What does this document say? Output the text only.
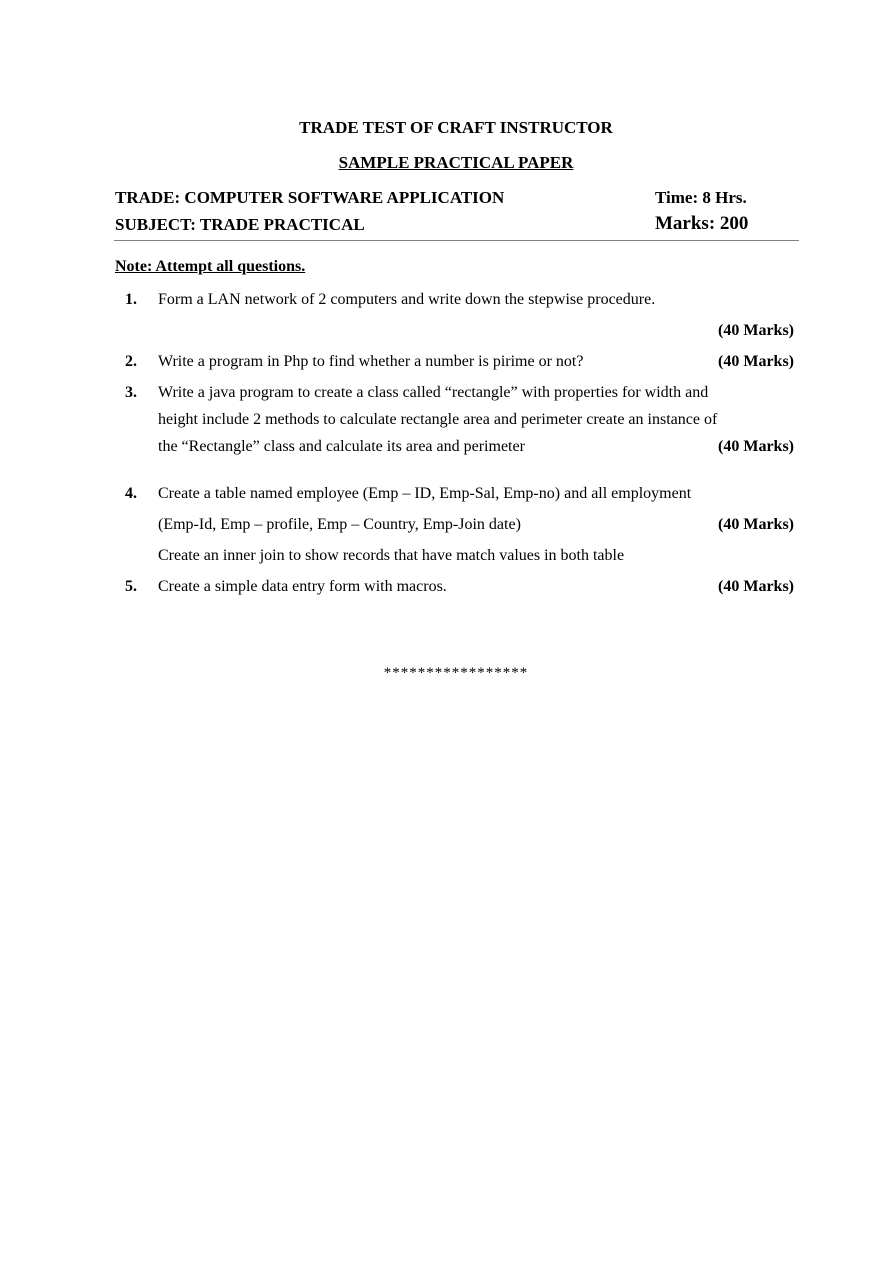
TRADE TEST OF CRAFT INSTRUCTOR
SAMPLE PRACTICAL PAPER
TRADE: COMPUTER SOFTWARE APPLICATION	Time: 8 Hrs.
SUBJECT: TRADE PRACTICAL	Marks: 200
Note: Attempt all questions.
1. Form a LAN network of 2 computers and write down the stepwise procedure.
(40 Marks)
2. Write a program in Php to find whether a number is pirime or not?	(40 Marks)
3. Write a java program to create a class called “rectangle” with properties for width and
height include 2 methods to calculate rectangle area and perimeter create an instance of
the “Rectangle” class and calculate its area and perimeter	(40 Marks)
4. Create a table named employee (Emp – ID, Emp-Sal, Emp-no) and all employment
(Emp-Id, Emp – profile, Emp – Country, Emp-Join date)	(40 Marks)
Create an inner join to show records that have match values in both table
5. Create a simple data entry form with macros.	(40 Marks)
*****************
